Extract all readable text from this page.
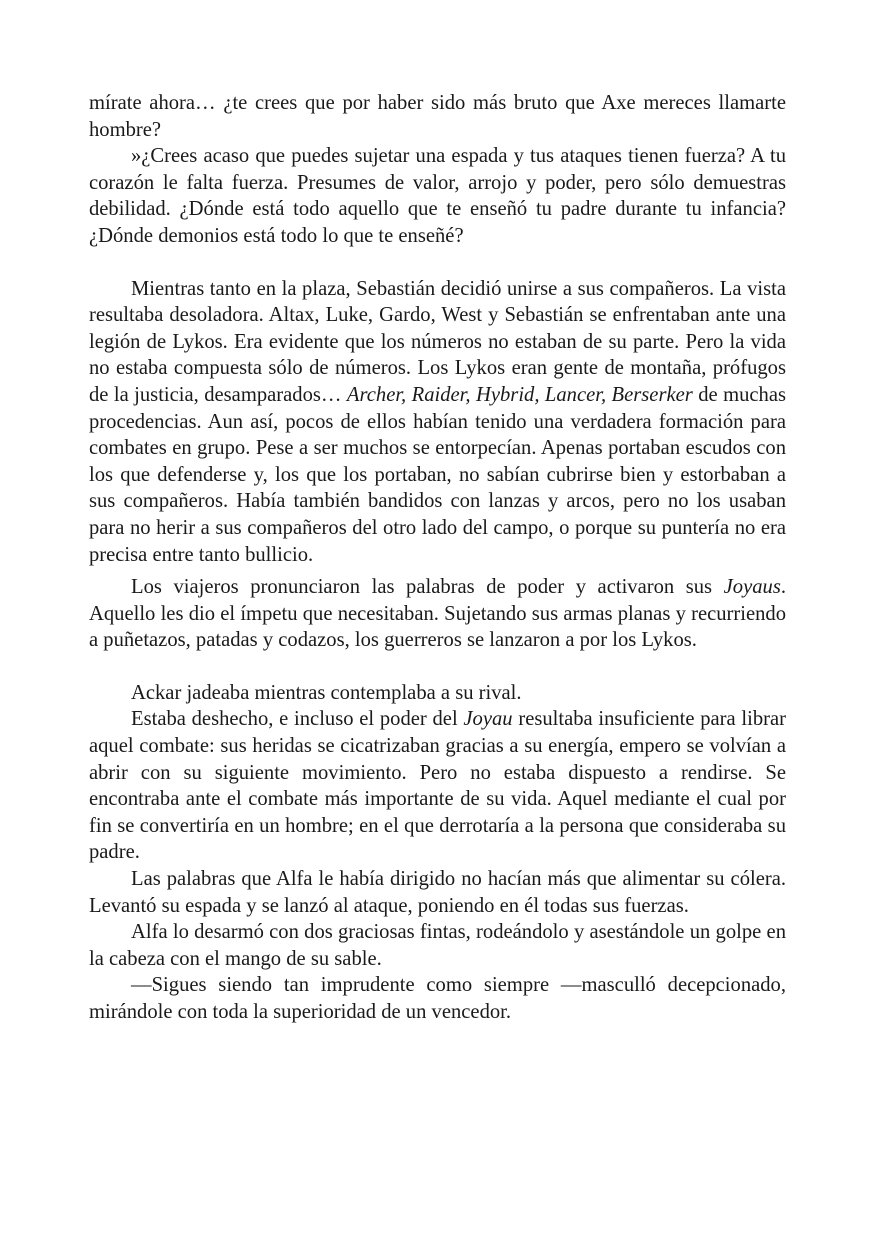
mírate ahora… ¿te crees que por haber sido más bruto que Axe mereces llamarte hombre?

»¿Crees acaso que puedes sujetar una espada y tus ataques tienen fuerza? A tu corazón le falta fuerza. Presumes de valor, arrojo y poder, pero sólo demuestras debilidad. ¿Dónde está todo aquello que te enseñó tu padre durante tu infancia? ¿Dónde demonios está todo lo que te enseñé?

Mientras tanto en la plaza, Sebastián decidió unirse a sus compañeros. La vista resultaba desoladora. Altax, Luke, Gardo, West y Sebastián se enfrentaban ante una legión de Lykos. Era evidente que los números no estaban de su parte. Pero la vida no estaba compuesta sólo de números. Los Lykos eran gente de montaña, prófugos de la justicia, desamparados… Archer, Raider, Hybrid, Lancer, Berserker de muchas procedencias. Aun así, pocos de ellos habían tenido una verdadera formación para combates en grupo. Pese a ser muchos se entorpecían. Apenas portaban escudos con los que defenderse y, los que los portaban, no sabían cubrirse bien y estorbaban a sus compañeros. Había también bandidos con lanzas y arcos, pero no los usaban para no herir a sus compañeros del otro lado del campo, o porque su puntería no era precisa entre tanto bullicio.

Los viajeros pronunciaron las palabras de poder y activaron sus Joyaus. Aquello les dio el ímpetu que necesitaban. Sujetando sus armas planas y recurriendo a puñetazos, patadas y codazos, los guerreros se lanzaron a por los Lykos.

Ackar jadeaba mientras contemplaba a su rival.

Estaba deshecho, e incluso el poder del Joyau resultaba insuficiente para librar aquel combate: sus heridas se cicatrizaban gracias a su energía, empero se volvían a abrir con su siguiente movimiento. Pero no estaba dispuesto a rendirse. Se encontraba ante el combate más importante de su vida. Aquel mediante el cual por fin se convertiría en un hombre; en el que derrotaría a la persona que consideraba su padre.

Las palabras que Alfa le había dirigido no hacían más que alimentar su cólera. Levantó su espada y se lanzó al ataque, poniendo en él todas sus fuerzas.

Alfa lo desarmó con dos graciosas fintas, rodeándolo y asestándole un golpe en la cabeza con el mango de su sable.

—Sigues siendo tan imprudente como siempre —masculló decepcionado, mirándole con toda la superioridad de un vencedor.
